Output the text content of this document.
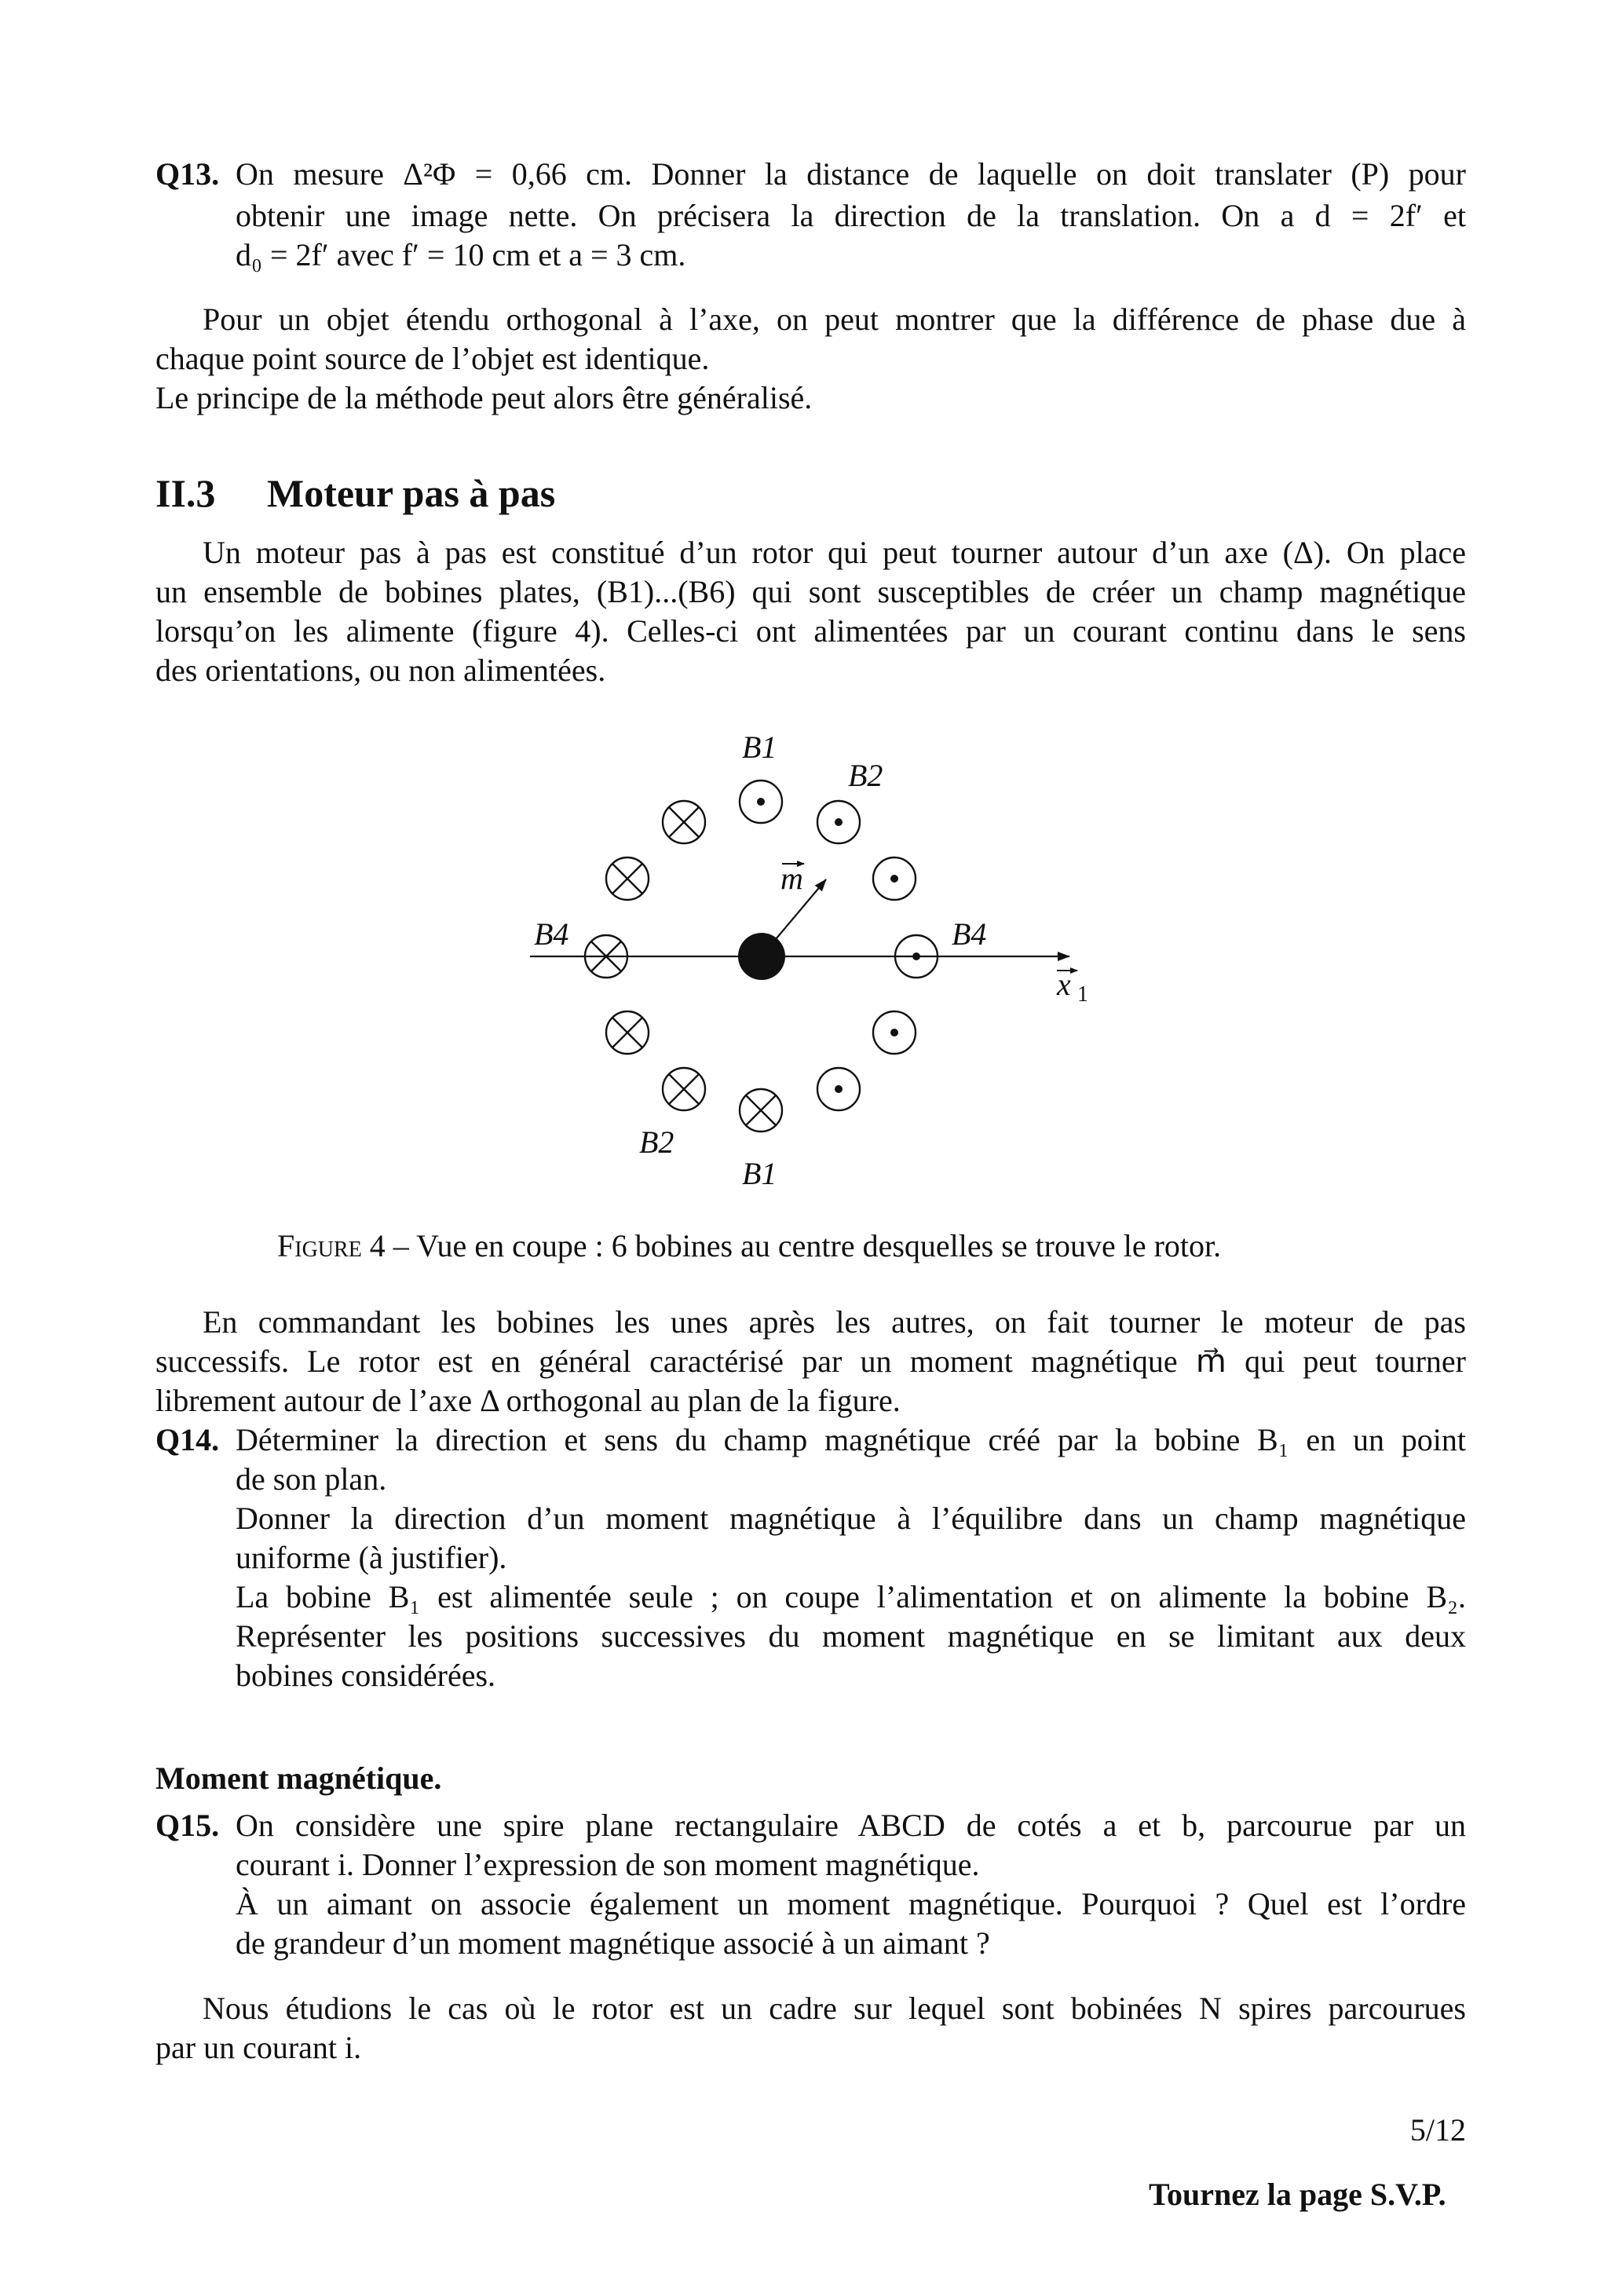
Q13. On mesure Δ²Φ = 0,66 cm. Donner la distance de laquelle on doit translater (P) pour
obtenir une image nette. On précisera la direction de la translation. On a d = 2f′ et
d₀ = 2f′ avec f′ = 10 cm et a = 3 cm.
Pour un objet étendu orthogonal à l’axe, on peut montrer que la différence de phase due à
chaque point source de l’objet est identique.
Le principe de la méthode peut alors être généralisé.
II.3 Moteur pas à pas
Un moteur pas à pas est constitué d’un rotor qui peut tourner autour d’un axe (Δ). On place
un ensemble de bobines plates, (B1)...(B6) qui sont susceptibles de créer un champ magnétique
lorsqu’on les alimente (figure 4). Celles-ci ont alimentées par un courant continu dans le sens
des orientations, ou non alimentées.
B1
B2
B4	B4
B2
B1
m
x 1
Figure 4 – Vue en coupe : 6 bobines au centre desquelles se trouve le rotor.
En commandant les bobines les unes après les autres, on fait tourner le moteur de pas
successifs. Le rotor est en général caractérisé par un moment magnétique m⃗ qui peut tourner
librement autour de l’axe Δ orthogonal au plan de la figure.
Q14. Déterminer la direction et sens du champ magnétique créé par la bobine B₁ en un point
de son plan.
Donner la direction d’un moment magnétique à l’équilibre dans un champ magnétique
uniforme (à justifier).
La bobine B₁ est alimentée seule ; on coupe l’alimentation et on alimente la bobine B₂.
Représenter les positions successives du moment magnétique en se limitant aux deux
bobines considérées.
Moment magnétique.
Q15. On considère une spire plane rectangulaire ABCD de cotés a et b, parcourue par un
courant i. Donner l’expression de son moment magnétique.
À un aimant on associe également un moment magnétique. Pourquoi ? Quel est l’ordre
de grandeur d’un moment magnétique associé à un aimant ?
Nous étudions le cas où le rotor est un cadre sur lequel sont bobinées N spires parcourues
par un courant i.
5/12
Tournez la page S.V.P.
